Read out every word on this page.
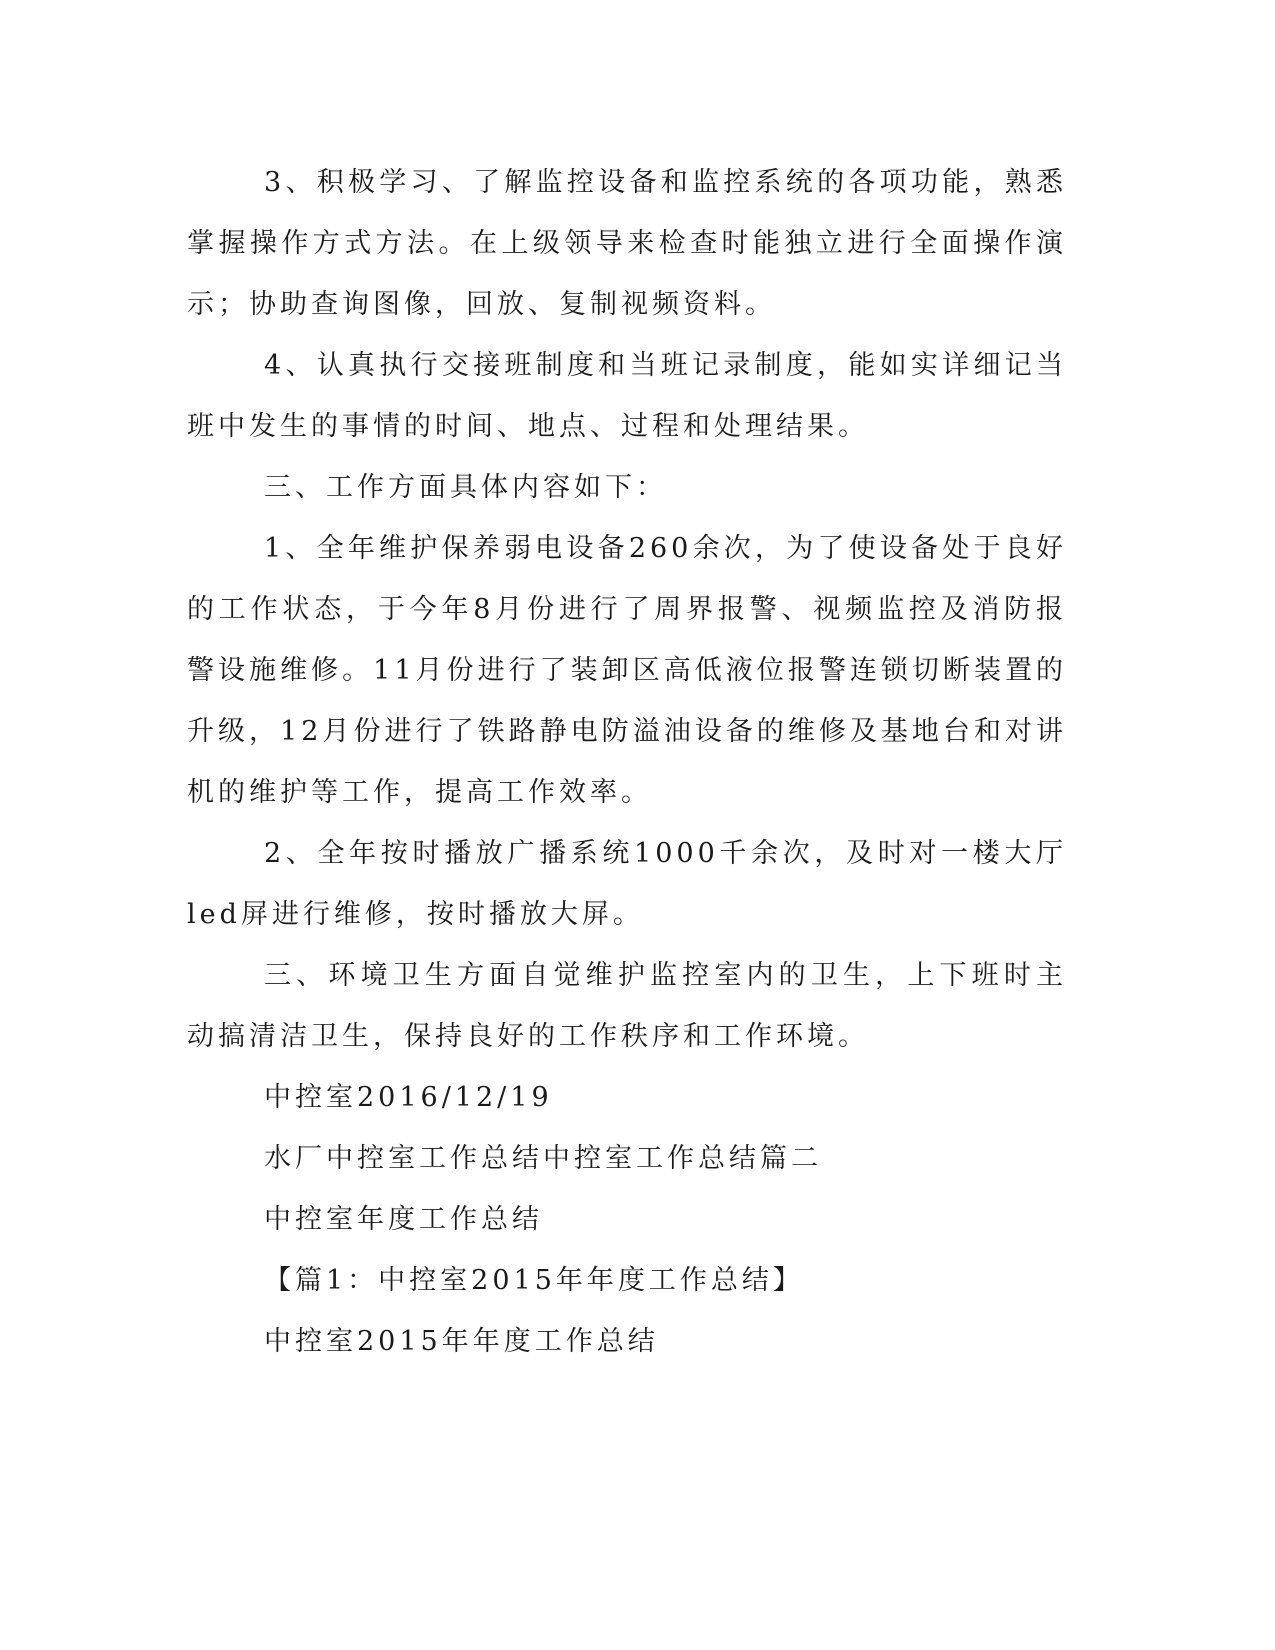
3、积极学习、了解监控设备和监控系统的各项功能，熟悉掌握操作方式方法。在上级领导来检查时能独立进行全面操作演示；协助查询图像，回放、复制视频资料。

4、认真执行交接班制度和当班记录制度，能如实详细记当班中发生的事情的时间、地点、过程和处理结果。

三、工作方面具体内容如下：

1、全年维护保养弱电设备260余次，为了使设备处于良好的工作状态，于今年8月份进行了周界报警、视频监控及消防报警设施维修。11月份进行了装卸区高低液位报警连锁切断装置的升级，12月份进行了铁路静电防溢油设备的维修及基地台和对讲机的维护等工作，提高工作效率。

2、全年按时播放广播系统1000千余次，及时对一楼大厅led屏进行维修，按时播放大屏。

三、环境卫生方面自觉维护监控室内的卫生，上下班时主动搞清洁卫生，保持良好的工作秩序和工作环境。

中控室2016/12/19

水厂中控室工作总结中控室工作总结篇二

中控室年度工作总结

【篇1：中控室2015年年度工作总结】

中控室2015年年度工作总结
